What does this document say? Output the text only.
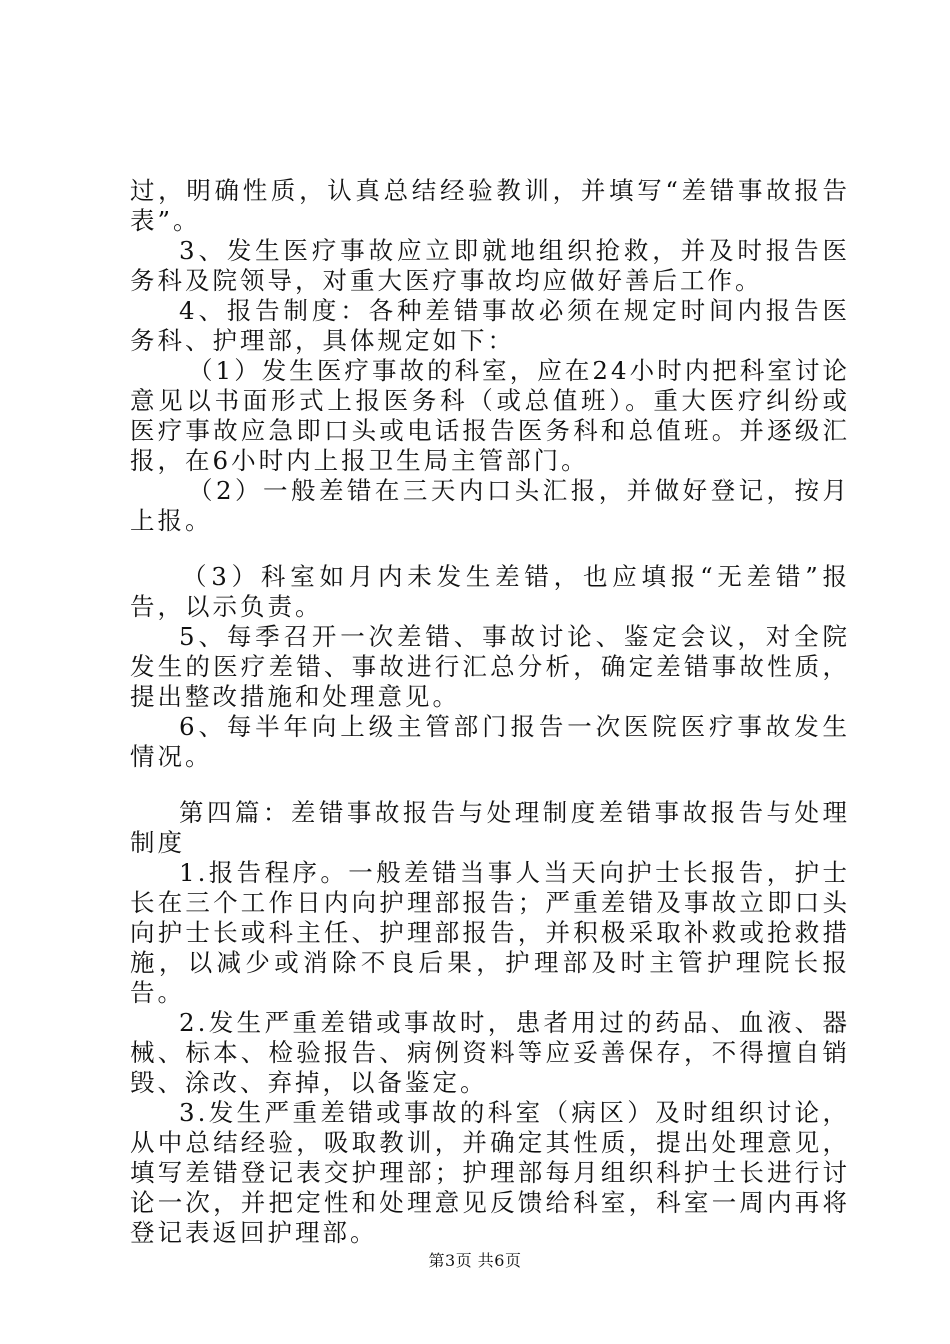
过，明确性质，认真总结经验教训，并填写“差错事故报告表”。

3、发生医疗事故应立即就地组织抢救，并及时报告医务科及院领导，对重大医疗事故均应做好善后工作。

4、报告制度：各种差错事故必须在规定时间内报告医务科、护理部，具体规定如下：

（1）发生医疗事故的科室，应在24小时内把科室讨论意见以书面形式上报医务科（或总值班）。重大医疗纠纷或医疗事故应急即口头或电话报告医务科和总值班。并逐级汇报，在6小时内上报卫生局主管部门。

（2）一般差错在三天内口头汇报，并做好登记，按月上报。

（3）科室如月内未发生差错，也应填报“无差错”报告，以示负责。

5、每季召开一次差错、事故讨论、鉴定会议，对全院发生的医疗差错、事故进行汇总分析，确定差错事故性质，提出整改措施和处理意见。

6、每半年向上级主管部门报告一次医院医疗事故发生情况。

第四篇：差错事故报告与处理制度差错事故报告与处理制度

1.报告程序。一般差错当事人当天向护士长报告，护士长在三个工作日内向护理部报告；严重差错及事故立即口头向护士长或科主任、护理部报告，并积极采取补救或抢救措施，以减少或消除不良后果，护理部及时主管护理院长报告。

2.发生严重差错或事故时，患者用过的药品、血液、器械、标本、检验报告、病例资料等应妥善保存，不得擅自销毁、涂改、弃掉，以备鉴定。

3.发生严重差错或事故的科室（病区）及时组织讨论，从中总结经验，吸取教训，并确定其性质，提出处理意见，填写差错登记表交护理部；护理部每月组织科护士长进行讨论一次，并把定性和处理意见反馈给科室，科室一周内再将登记表返回护理部。

第3页 共6页
